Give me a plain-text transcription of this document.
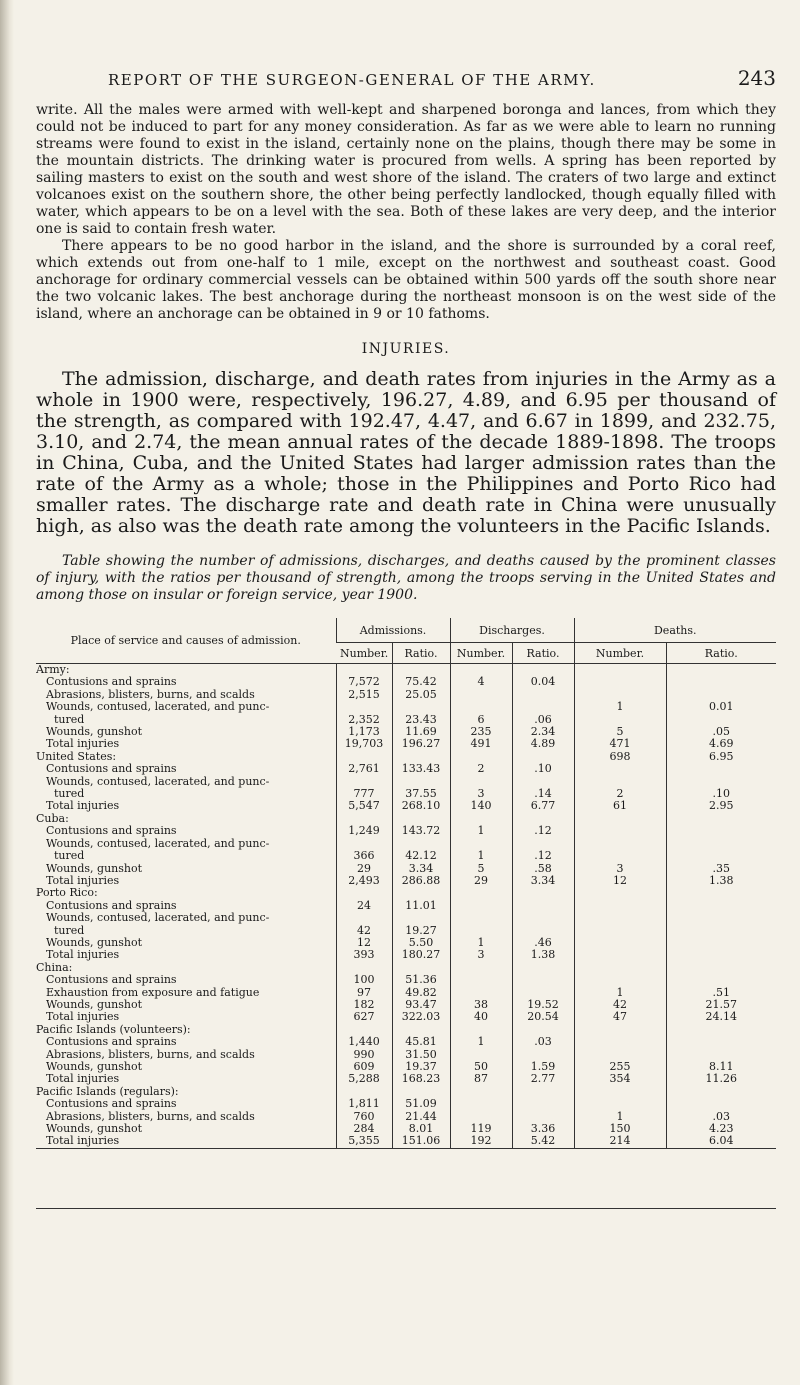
REPORT OF THE SURGEON-GENERAL OF THE ARMY.	243

write. All the males were armed with well-kept and sharpened boronga and lances, from which they could not be induced to part for any money consideration. As far as we were able to learn no running streams were found to exist in the island, certainly none on the plains, though there may be some in the mountain districts. The drinking water is procured from wells. A spring has been reported by sailing masters to exist on the south and west shore of the island. The craters of two large and extinct volcanoes exist on the southern shore, the other being perfectly landlocked, though equally filled with water, which appears to be on a level with the sea. Both of these lakes are very deep, and the interior one is said to contain fresh water.

There appears to be no good harbor in the island, and the shore is surrounded by a coral reef, which extends out from one-half to 1 mile, except on the northwest and southeast coast. Good anchorage for ordinary commercial vessels can be obtained within 500 yards off the south shore near the two volcanic lakes. The best anchorage during the northeast monsoon is on the west side of the island, where an anchorage can be obtained in 9 or 10 fathoms.

INJURIES.

The admission, discharge, and death rates from injuries in the Army as a whole in 1900 were, respectively, 196.27, 4.89, and 6.95 per thousand of the strength, as compared with 192.47, 4.47, and 6.67 in 1899, and 232.75, 3.10, and 2.74, the mean annual rates of the decade 1889-1898. The troops in China, Cuba, and the United States had larger admission rates than the rate of the Army as a whole; those in the Philippines and Porto Rico had smaller rates. The discharge rate and death rate in China were unusually high, as also was the death rate among the volunteers in the Pacific Islands.

Table showing the number of admissions, discharges, and deaths caused by the prominent classes of injury, with the ratios per thousand of strength, among the troops serving in the United States and among those on insular or foreign service, year 1900.

Place of service and causes of admission.	Admissions.		Discharges.		Deaths.	
	Number.	Ratio.	Number.	Ratio.	Number.	Ratio.
Army:						
Contusions and sprains	7,572	75.42	4	0.04		
Abrasions, blisters, burns, and scalds	2,515	25.05				
Wounds, contused, lacerated, and punc-					1	0.01
tured	2,352	23.43	6	.06		
Wounds, gunshot	1,173	11.69	235	2.34	5	.05
Total injuries	19,703	196.27	491	4.89	471	4.69
United States:					698	6.95
Contusions and sprains	2,761	133.43	2	.10		
Wounds, contused, lacerated, and punc-						
tured	777	37.55	3	.14	2	.10
Total injuries	5,547	268.10	140	6.77	61	2.95
Cuba:						
Contusions and sprains	1,249	143.72	1	.12		
Wounds, contused, lacerated, and punc-						
tured	366	42.12	1	.12		
Wounds, gunshot	29	3.34	5	.58	3	.35
Total injuries	2,493	286.88	29	3.34	12	1.38
Porto Rico:						
Contusions and sprains	24	11.01				
Wounds, contused, lacerated, and punc-						
tured	42	19.27				
Wounds, gunshot	12	5.50	1	.46		
Total injuries	393	180.27	3	1.38		
China:						
Contusions and sprains	100	51.36				
Exhaustion from exposure and fatigue	97	49.82			1	.51
Wounds, gunshot	182	93.47	38	19.52	42	21.57
Total injuries	627	322.03	40	20.54	47	24.14
Pacific Islands (volunteers):						
Contusions and sprains	1,440	45.81	1	.03		
Abrasions, blisters, burns, and scalds	990	31.50				
Wounds, gunshot	609	19.37	50	1.59	255	8.11
Total injuries	5,288	168.23	87	2.77	354	11.26
Pacific Islands (regulars):						
Contusions and sprains	1,811	51.09				
Abrasions, blisters, burns, and scalds	760	21.44			1	.03
Wounds, gunshot	284	8.01	119	3.36	150	4.23
Total injuries	5,355	151.06	192	5.42	214	6.04
